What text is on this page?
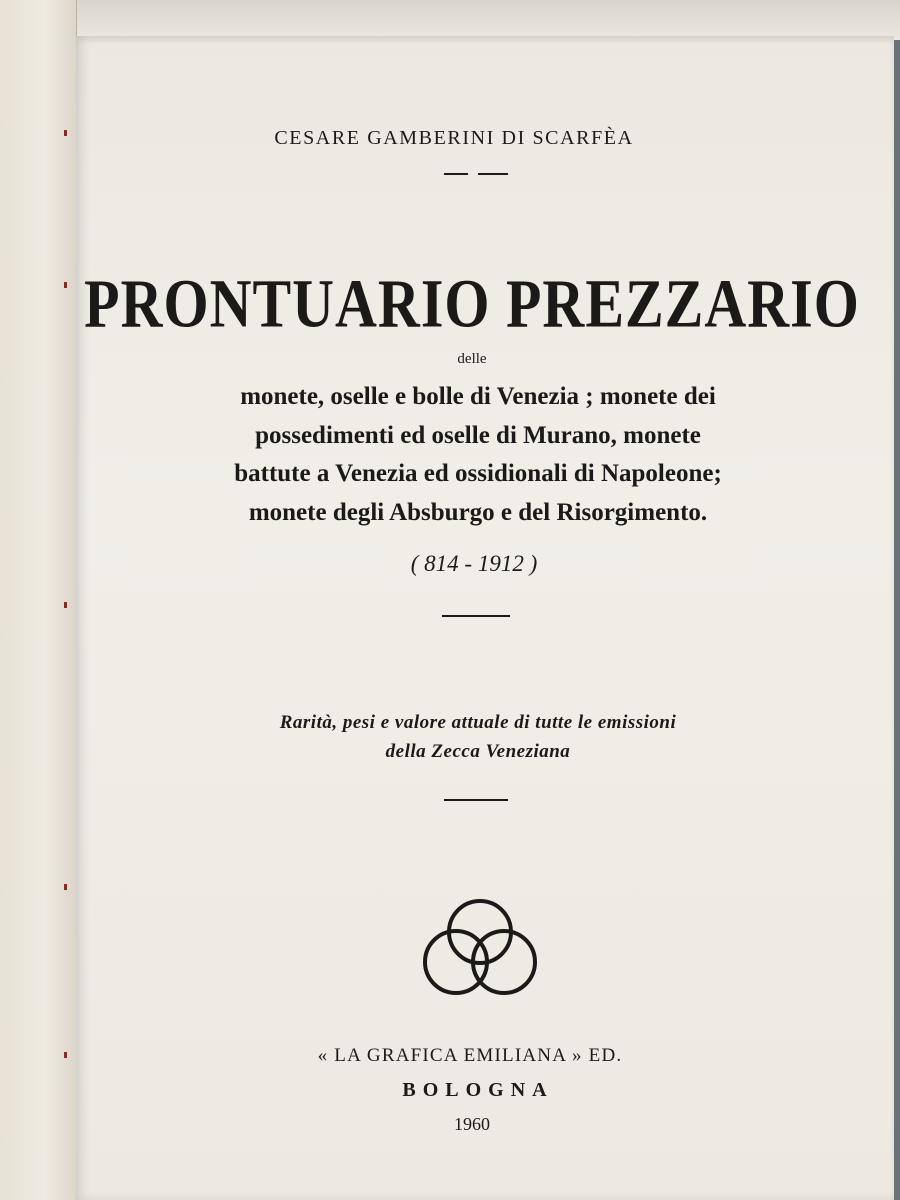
CESARE GAMBERINI DI SCARFÈA

PRONTUARIO PREZZARIO

delle

monete, oselle e bolle di Venezia ; monete dei
possedimenti ed oselle di Murano, monete
battute a Venezia ed ossidionali di Napoleone;
monete degli Absburgo e del Risorgimento.

( 814 - 1912 )

Rarità, pesi e valore attuale di tutte le emissioni
della Zecca Veneziana

« LA GRAFICA EMILIANA » ED.

BOLOGNA

1960
